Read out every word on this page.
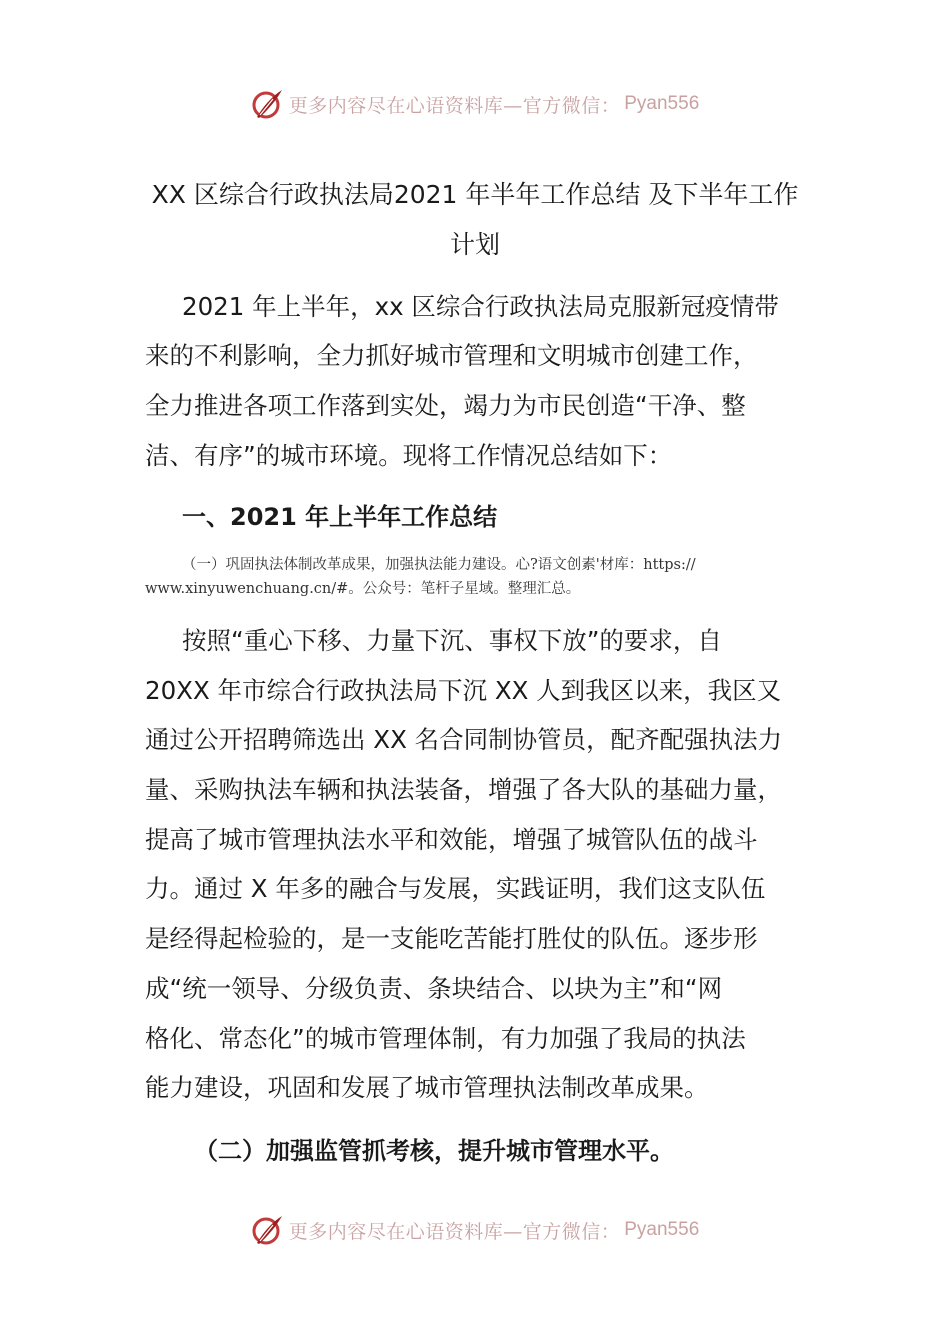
更多内容尽在心语资料库—官方微信： Pyan556
XX 区综合行政执法局2021 年半年工作总结 及下半年工作
计划
2021 年上半年，xx 区综合行政执法局克服新冠疫情带
来的不利影响，全力抓好城市管理和文明城市创建工作，
全力推进各项工作落到实处，竭力为市民创造“干净、整
洁、有序”的城市环境。现将工作情况总结如下：
一、2021 年上半年工作总结
（一）巩固执法体制改革成果，加强执法能力建设。心?语文创素'材库：https://
www.xinyuwenchuang.cn/#。公众号：笔杆子星域。整理汇总。
按照“重心下移、力量下沉、事权下放”的要求，自
20XX 年市综合行政执法局下沉 XX 人到我区以来，我区又
通过公开招聘筛选出 XX 名合同制协管员，配齐配强执法力
量、采购执法车辆和执法装备，增强了各大队的基础力量，
提高了城市管理执法水平和效能，增强了城管队伍的战斗
力。通过 X 年多的融合与发展，实践证明，我们这支队伍
是经得起检验的，是一支能吃苦能打胜仗的队伍。逐步形
成“统一领导、分级负责、条块结合、以块为主”和“网
格化、常态化”的城市管理体制，有力加强了我局的执法
能力建设，巩固和发展了城市管理执法制改革成果。
（二）加强监管抓考核，提升城市管理水平。
更多内容尽在心语资料库—官方微信： Pyan556
